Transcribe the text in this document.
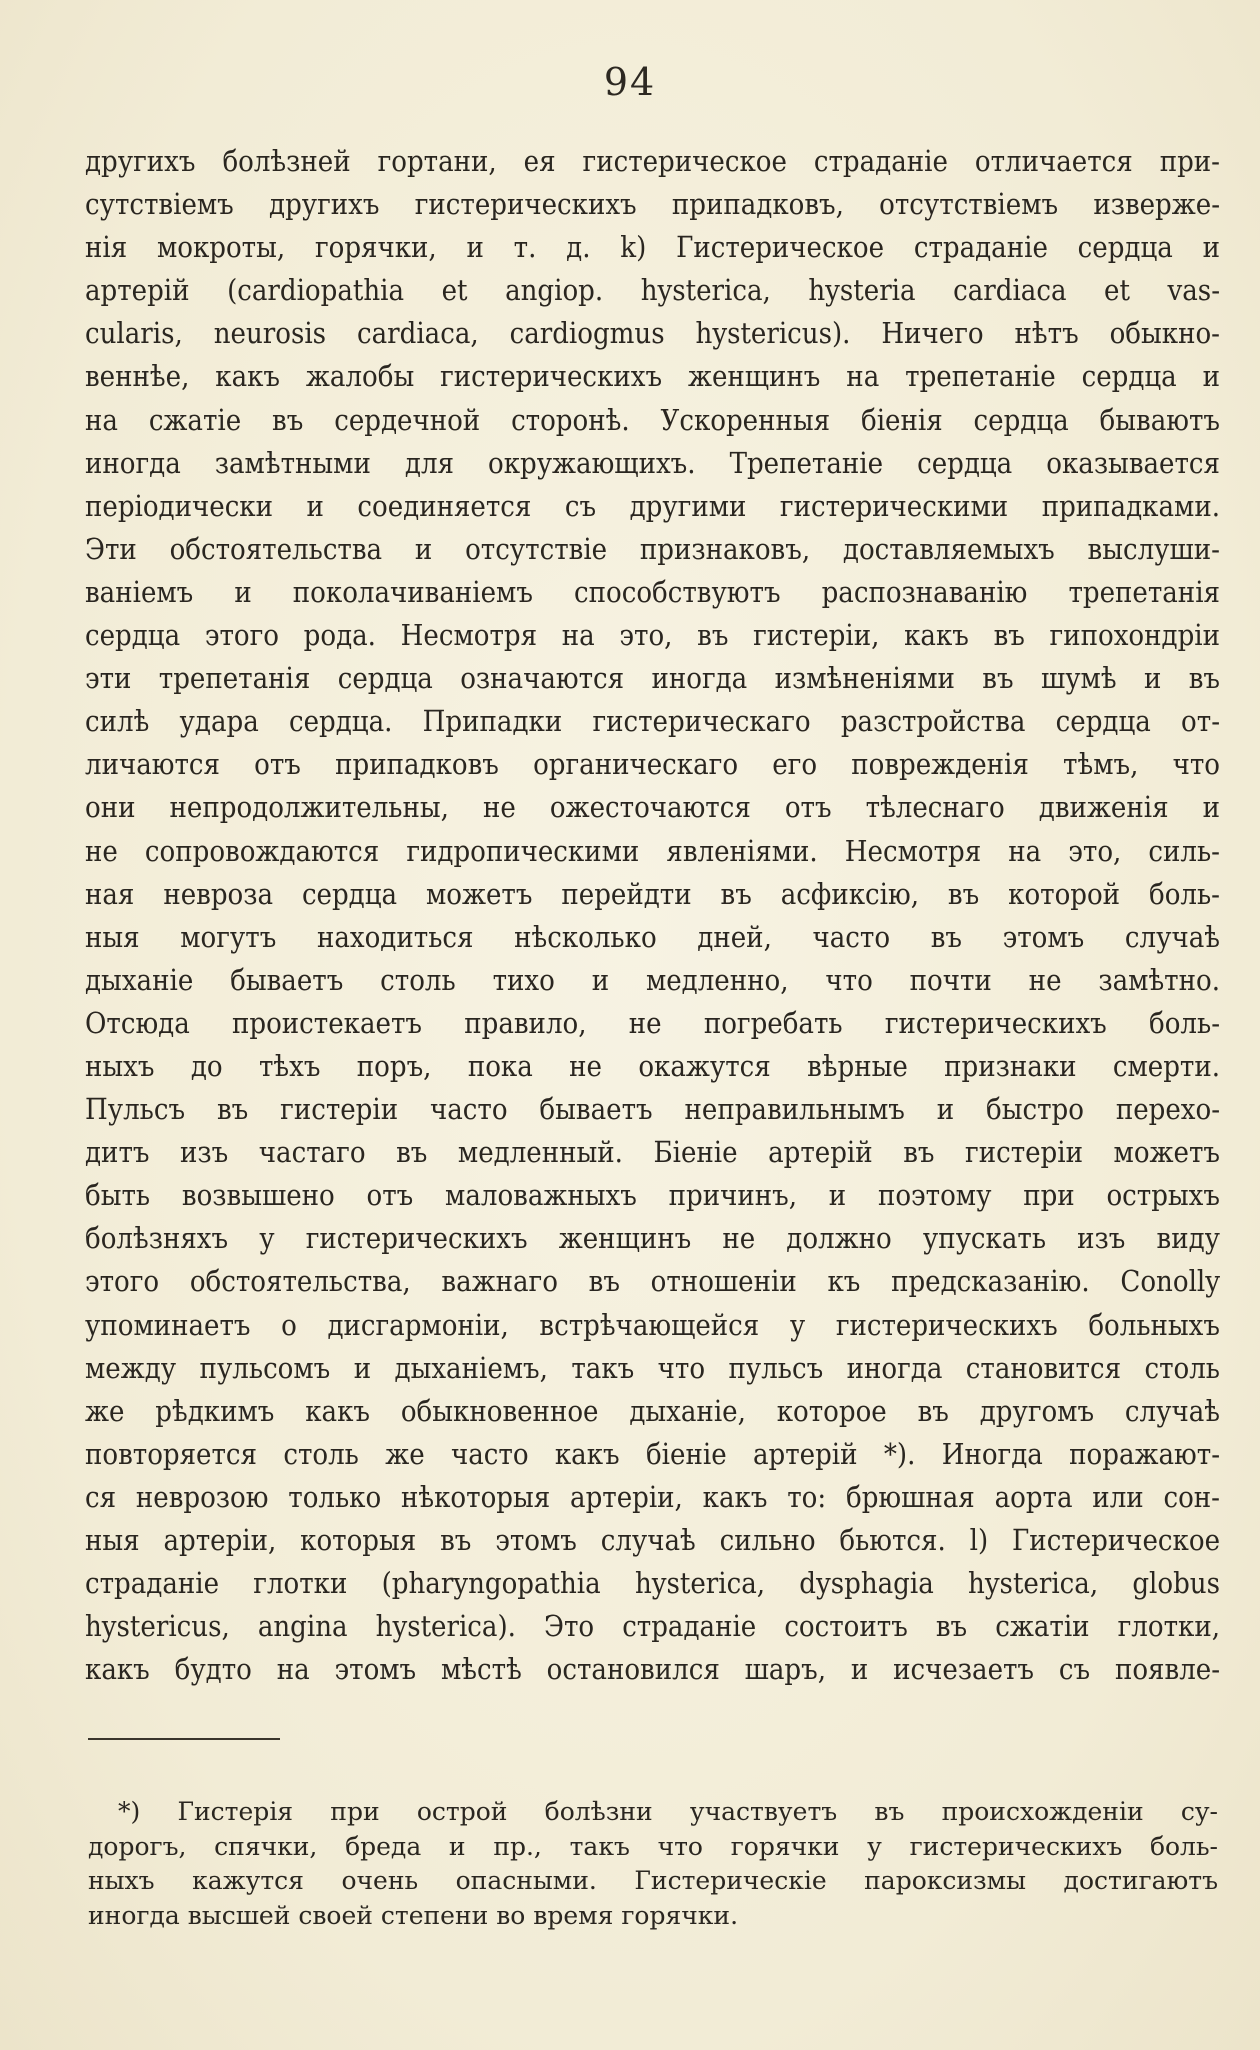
94
другихъ болѣзней гортани, ея гистерическое страданіе отличается при-
сутствіемъ другихъ гистерическихъ припадковъ, отсутствіемъ изверже-
нія мокроты, горячки, и т. д. k) Гистерическое страданіе сердца и
артерій (cardiopathia et angiop. hysterica, hysteria cardiaca et vas-
cularis, neurosis cardiaca, cardiogmus hystericus). Ничего нѣтъ обыкно-
веннѣе, какъ жалобы гистерическихъ женщинъ на трепетаніе сердца и
на сжатіе въ сердечной сторонѣ. Ускоренныя біенія сердца бываютъ
иногда замѣтными для окружающихъ. Трепетаніе сердца оказывается
періодически и соединяется съ другими гистерическими припадками.
Эти обстоятельства и отсутствіе признаковъ, доставляемыхъ выслуши-
ваніемъ и поколачиваніемъ способствуютъ распознаванію трепетанія
сердца этого рода. Несмотря на это, въ гистеріи, какъ въ гипохондріи
эти трепетанія сердца означаются иногда измѣненіями въ шумѣ и въ
силѣ удара сердца. Припадки гистерическаго разстройства сердца от-
личаются отъ припадковъ органическаго его поврежденія тѣмъ, что
они непродолжительны, не ожесточаются отъ тѣлеснаго движенія и
не сопровождаются гидропическими явленіями. Несмотря на это, силь-
ная невроза сердца можетъ перейдти въ асфиксію, въ которой боль-
ныя могутъ находиться нѣсколько дней, часто въ этомъ случаѣ
дыханіе бываетъ столь тихо и медленно, что почти не замѣтно.
Отсюда проистекаетъ правило, не погребать гистерическихъ боль-
ныхъ до тѣхъ поръ, пока не окажутся вѣрные признаки смерти.
Пульсъ въ гистеріи часто бываетъ неправильнымъ и быстро перехо-
дитъ изъ частаго въ медленный. Біеніе артерій въ гистеріи можетъ
быть возвышено отъ маловажныхъ причинъ, и поэтому при острыхъ
болѣзняхъ у гистерическихъ женщинъ не должно упускать изъ виду
этого обстоятельства, важнаго въ отношеніи къ предсказанію. Conolly
упоминаетъ о дисгармоніи, встрѣчающейся у гистерическихъ больныхъ
между пульсомъ и дыханіемъ, такъ что пульсъ иногда становится столь
же рѣдкимъ какъ обыкновенное дыханіе, которое въ другомъ случаѣ
повторяется столь же часто какъ біеніе артерій *). Иногда поражают-
ся неврозою только нѣкоторыя артеріи, какъ то: брюшная аорта или сон-
ныя артеріи, которыя въ этомъ случаѣ сильно бьются. l) Гистерическое
страданіе глотки (pharyngopathia hysterica, dysphagia hysterica, globus
hystericus, angina hysterica). Это страданіе состоитъ въ сжатіи глотки,
какъ будто на этомъ мѣстѣ остановился шаръ, и исчезаетъ съ появле-
*) Гистерія при острой болѣзни участвуетъ въ происхожденіи су-
дорогъ, спячки, бреда и пр., такъ что горячки у гистерическихъ боль-
ныхъ кажутся очень опасными. Гистерическіе пароксизмы достигаютъ
иногда высшей своей степени во время горячки.
